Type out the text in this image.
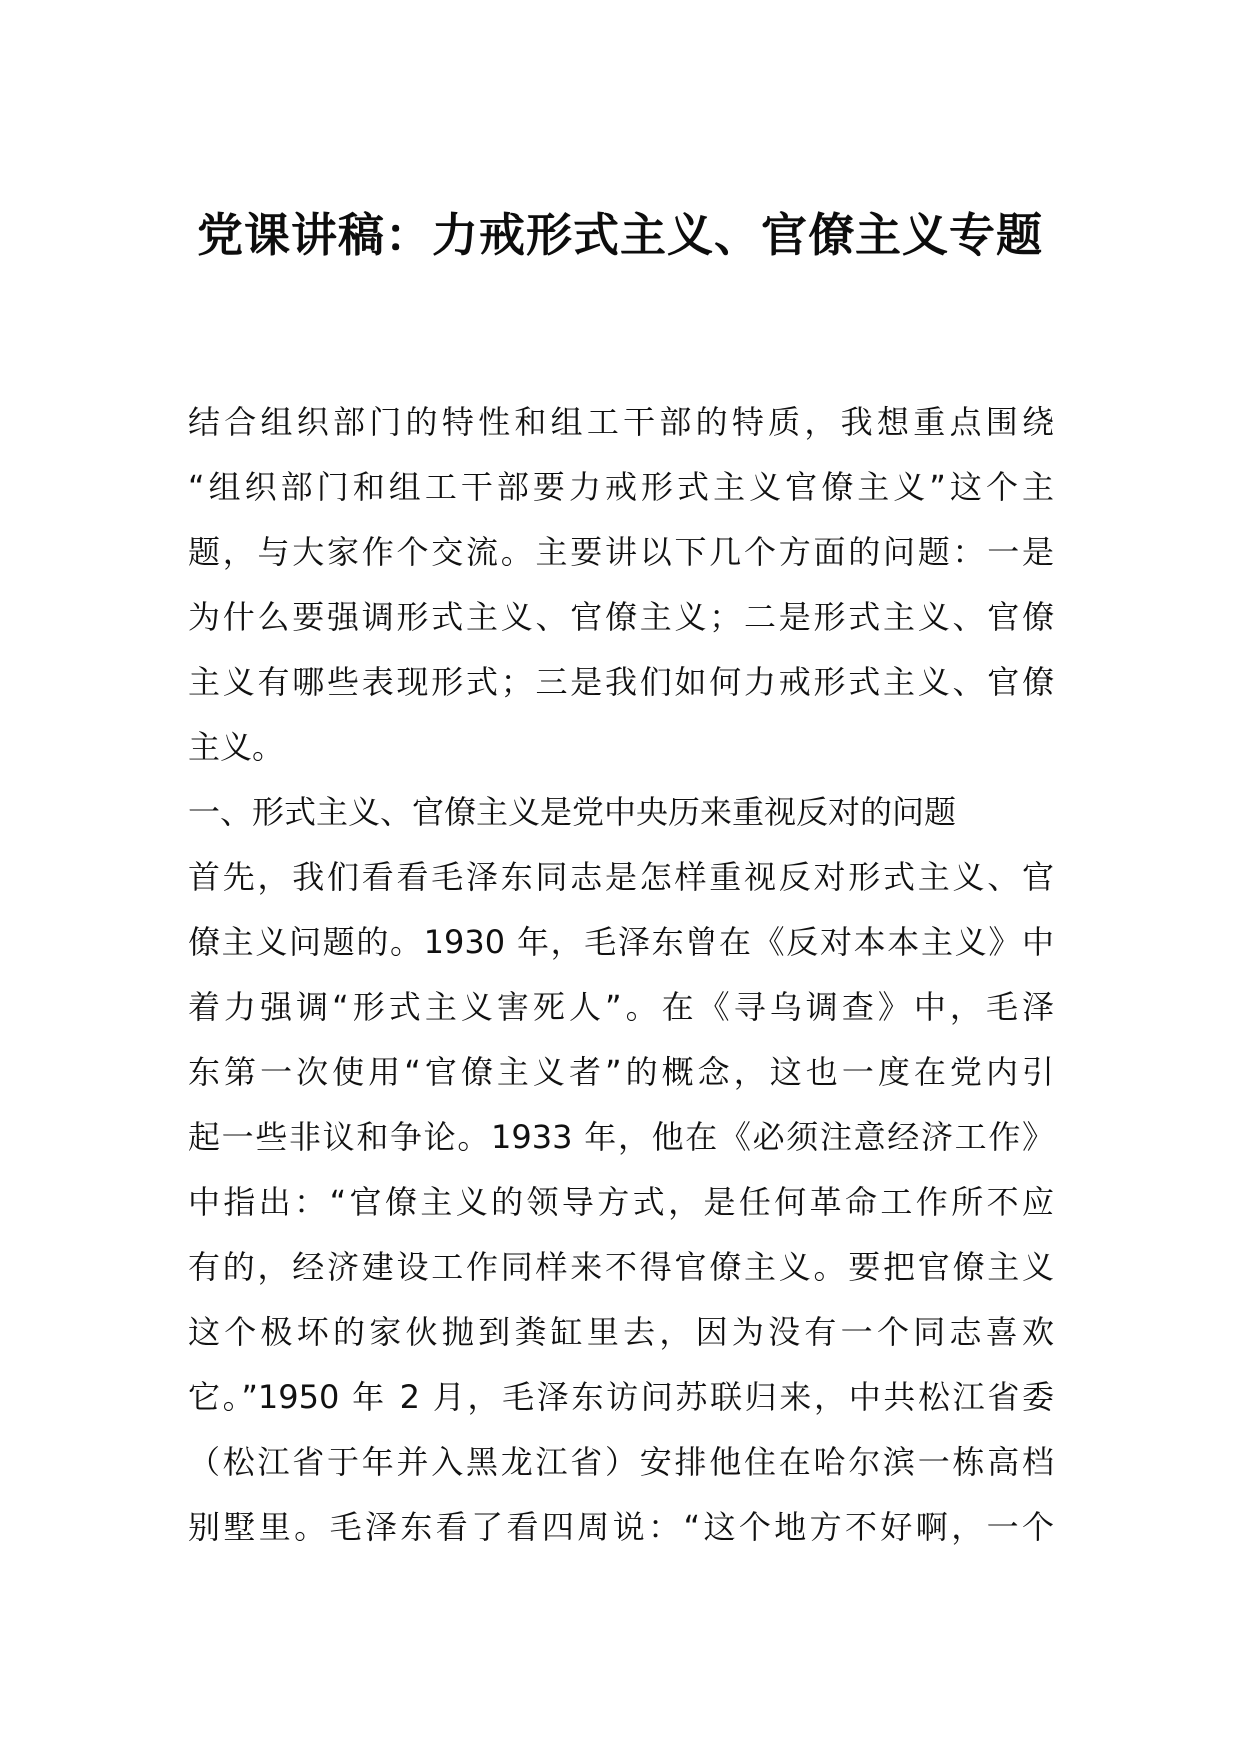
党课讲稿：力戒形式主义、官僚主义专题
结合组织部门的特性和组工干部的特质，我想重点围绕
“组织部门和组工干部要力戒形式主义官僚主义”这个主
题，与大家作个交流。主要讲以下几个方面的问题：一是
为什么要强调形式主义、官僚主义；二是形式主义、官僚
主义有哪些表现形式；三是我们如何力戒形式主义、官僚
主义。
一、形式主义、官僚主义是党中央历来重视反对的问题
首先，我们看看毛泽东同志是怎样重视反对形式主义、官
僚主义问题的。1930 年，毛泽东曾在《反对本本主义》中
着力强调“形式主义害死人”。在《寻乌调查》中，毛泽
东第一次使用“官僚主义者”的概念，这也一度在党内引
起一些非议和争论。1933 年，他在《必须注意经济工作》
中指出：“官僚主义的领导方式，是任何革命工作所不应
有的，经济建设工作同样来不得官僚主义。要把官僚主义
这个极坏的家伙抛到粪缸里去，因为没有一个同志喜欢
它。”1950 年 2 月，毛泽东访问苏联归来，中共松江省委
（松江省于年并入黑龙江省）安排他住在哈尔滨一栋高档
别墅里。毛泽东看了看四周说：“这个地方不好啊，一个
